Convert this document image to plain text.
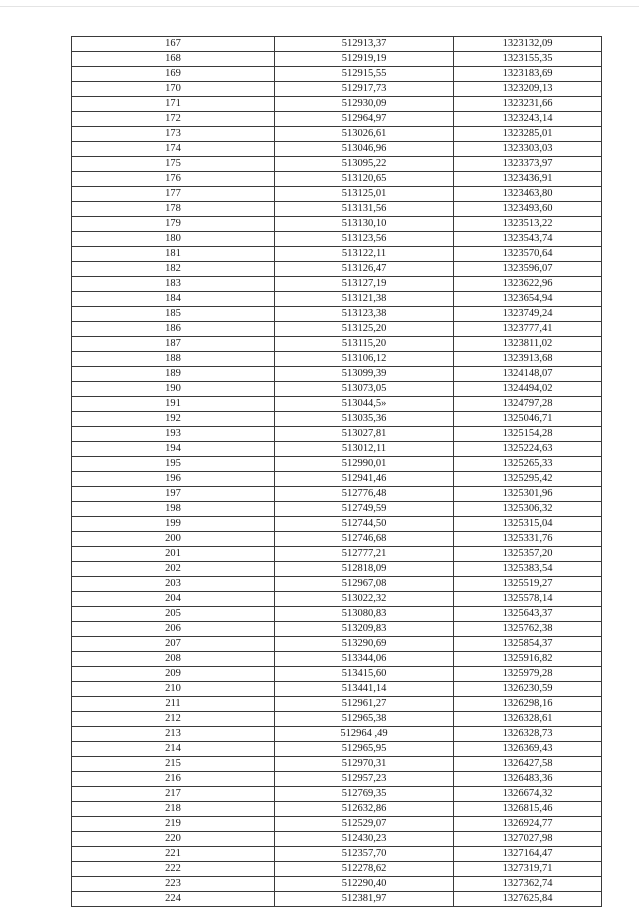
167	512913,37	1323132,09
168	512919,19	1323155,35
169	512915,55	1323183,69
170	512917,73	1323209,13
171	512930,09	1323231,66
172	512964,97	1323243,14
173	513026,61	1323285,01
174	513046,96	1323303,03
175	513095,22	1323373,97
176	513120,65	1323436,91
177	513125,01	1323463,80
178	513131,56	1323493,60
179	513130,10	1323513,22
180	513123,56	1323543,74
181	513122,11	1323570,64
182	513126,47	1323596,07
183	513127,19	1323622,96
184	513121,38	1323654,94
185	513123,38	1323749,24
186	513125,20	1323777,41
187	513115,20	1323811,02
188	513106,12	1323913,68
189	513099,39	1324148,07
190	513073,05	1324494,02
191	513044,5»	1324797,28
192	513035,36	1325046,71
193	513027,81	1325154,28
194	513012,11	1325224,63
195	512990,01	1325265,33
196	512941,46	1325295,42
197	512776,48	1325301,96
198	512749,59	1325306,32
199	512744,50	1325315,04
200	512746,68	1325331,76
201	512777,21	1325357,20
202	512818,09	1325383,54
203	512967,08	1325519,27
204	513022,32	1325578,14
205	513080,83	1325643,37
206	513209,83	1325762,38
207	513290,69	1325854,37
208	513344,06	1325916,82
209	513415,60	1325979,28
210	513441,14	1326230,59
211	512961,27	1326298,16
212	512965,38	1326328,61
213	512964 ,49	1326328,73
214	512965,95	1326369,43
215	512970,31	1326427,58
216	512957,23	1326483,36
217	512769,35	1326674,32
218	512632,86	1326815,46
219	512529,07	1326924,77
220	512430,23	1327027,98
221	512357,70	1327164,47
222	512278,62	1327319,71
223	512290,40	1327362,74
224	512381,97	1327625,84
